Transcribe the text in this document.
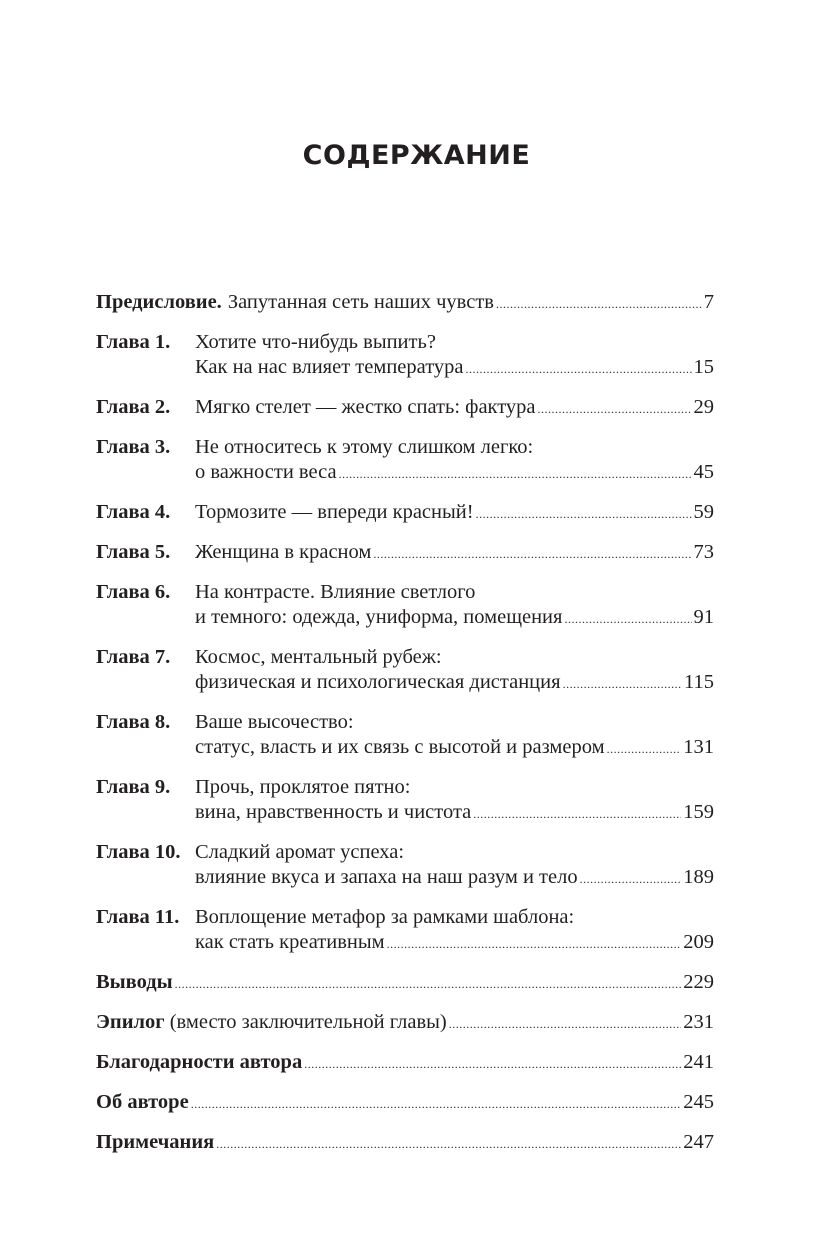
СОДЕРЖАНИЕ
Предисловие. Запутанная сеть наших чувств .....	7
Глава 1.	Хотите что-нибудь выпить?
Как на нас влияет температура .....	15
Глава 2.	Мягко стелет — жестко спать: фактура .....	29
Глава 3.	Не относитесь к этому слишком легко:
о важности веса .....	45
Глава 4.	Тормозите — впереди красный! .....	59
Глава 5.	Женщина в красном .....	73
Глава 6.	На контрасте. Влияние светлого
и темного: одежда, униформа, помещения .....	91
Глава 7.	Космос, ментальный рубеж:
физическая и психологическая дистанция .....	115
Глава 8.	Ваше высочество:
статус, власть и их связь с высотой и размером .....	131
Глава 9.	Прочь, проклятое пятно:
вина, нравственность и чистота .....	159
Глава 10. Сладкий аромат успеха:
влияние вкуса и запаха на наш разум и тело .....	189
Глава 11. Воплощение метафор за рамками шаблона:
как стать креативным .....	209
Выводы .....	229
Эпилог (вместо заключительной главы) .....	231
Благодарности автора .....	241
Об авторе .....	245
Примечания .....	247
